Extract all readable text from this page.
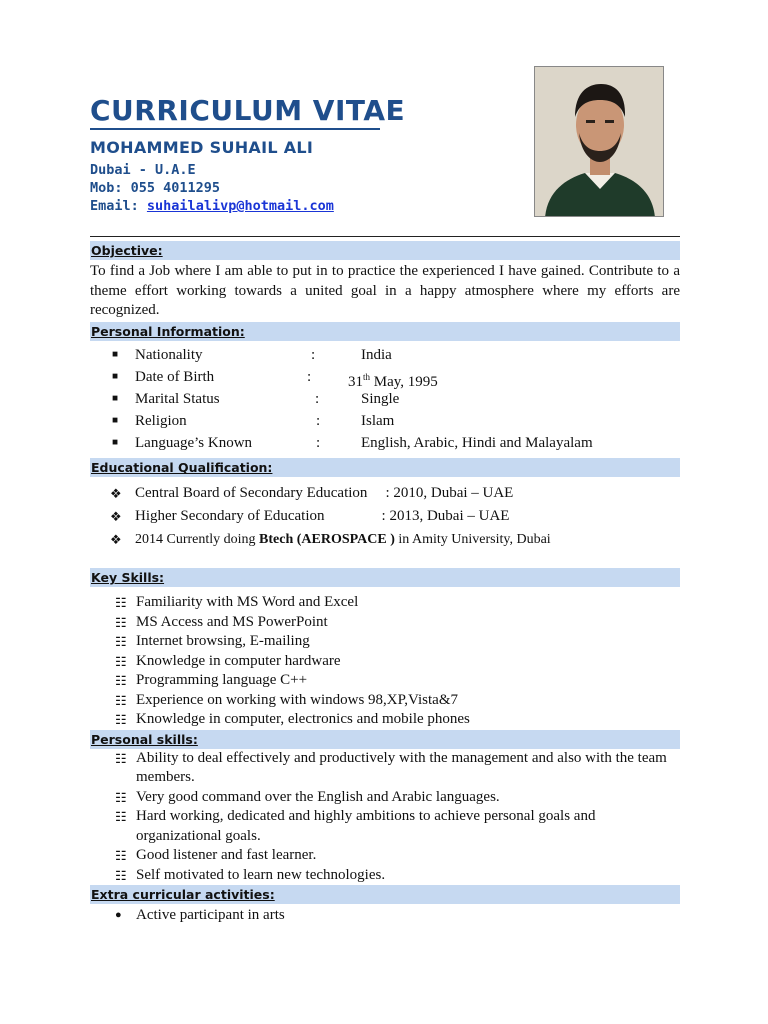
CURRICULUM VITAE
MOHAMMED SUHAIL ALI
Dubai - U.A.E
Mob: 055 4011295
Email: suhailalivp@hotmail.com
Objective:
To find a Job where I am able to put in to practice the experienced I have gained. Contribute to a theme effort working towards a united goal in a happy atmosphere where my efforts are recognized.
Personal Information:
■ Nationality	:	India
■ Date of Birth	: 31th May, 1995
■ Marital Status	:	Single
■ Religion	:	Islam
■ Language’s Known	:	English, Arabic, Hindi and Malayalam
Educational Qualification:
❖ Central Board of Secondary Education : 2010, Dubai – UAE
❖ Higher Secondary of Education	: 2013, Dubai – UAE
❖ 2014 Currently doing Btech (AEROSPACE ) in Amity University, Dubai
Key Skills:
☷ Familiarity with MS Word and Excel
☷ MS Access and MS PowerPoint
☷ Internet browsing, E-mailing
☷ Knowledge in computer hardware
☷ Programming language C++
☷ Experience on working with windows 98,XP,Vista&7
☷ Knowledge in computer, electronics and mobile phones
Personal skills:
☷ Ability to deal effectively and productively with the management and also with the team members.
☷ Very good command over the English and Arabic languages.
☷ Hard working, dedicated and highly ambitions to achieve personal goals and organizational goals.
☷ Good listener and fast learner.
☷ Self motivated to learn new technologies.
Extra curricular activities:
● Active participant in arts
